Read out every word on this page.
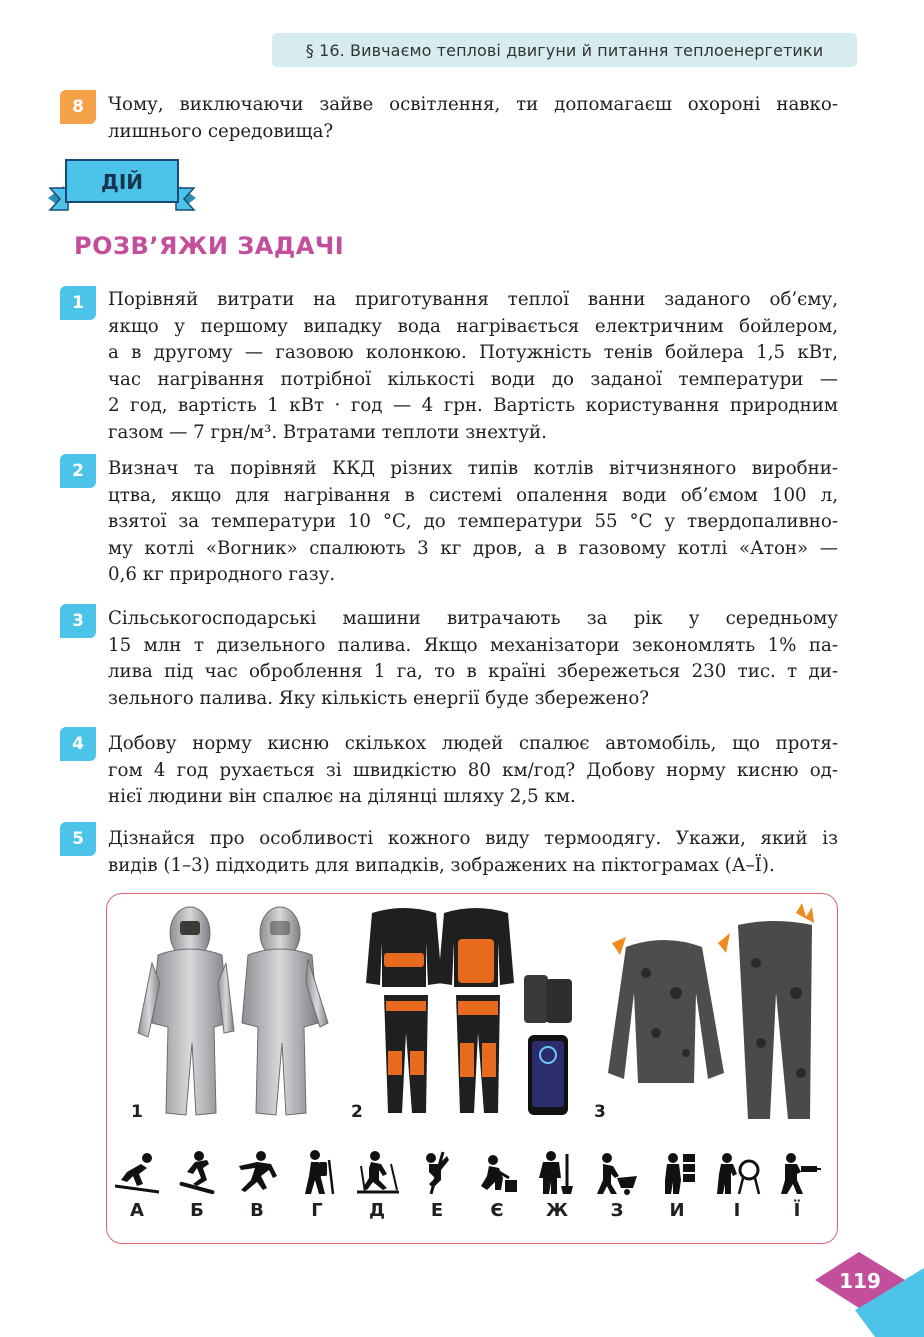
§ 16. Вивчаємо теплові двигуни й питання теплоенергетики
8	Чому, виключаючи зайве освітлення, ти допомагаєш охороні навко-
лишнього середовища?
ДІЙ
РОЗВ’ЯЖИ ЗАДАЧІ
1	Порівняй витрати на приготування теплої ванни заданого об’єму,
якщо у першому випадку вода нагрівається електричним бойлером,
а в другому — газовою колонкою. Потужність тенів бойлера 1,5 кВт,
час нагрівання потрібної кількості води до заданої температури —
2 год, вартість 1 кВт · год — 4 грн. Вартість користування природним
газом — 7 грн/м³. Втратами теплоти знехтуй.
2	Визнач та порівняй ККД різних типів котлів вітчизняного виробни-
цтва, якщо для нагрівання в системі опалення води об’ємом 100 л,
взятої за температури 10 °С, до температури 55 °С у твердопаливно-
му котлі «Вогник» спалюють 3 кг дров, а в газовому котлі «Атон» —
0,6 кг природного газу.
3	Сільськогосподарські машини витрачають за рік у середньому
15 млн т дизельного палива. Якщо механізатори зекономлять 1% па-
лива під час оброблення 1 га, то в країні збережеться 230 тис. т ди-
зельного палива. Яку кількість енергії буде збережено?
4	Добову норму кисню скількох людей спалює автомобіль, що протя-
гом 4 год рухається зі швидкістю 80 км/год? Добову норму кисню од-
нієї людини він спалює на ділянці шляху 2,5 км.
5	Дізнайся про особливості кожного виду термоодягу. Укажи, який із
видів (1–3) підходить для випадків, зображених на піктограмах (А–Ї).
1	2	3
А	Б	В	Г	Д	Е	Є	Ж	З	И	І	Ї
119
